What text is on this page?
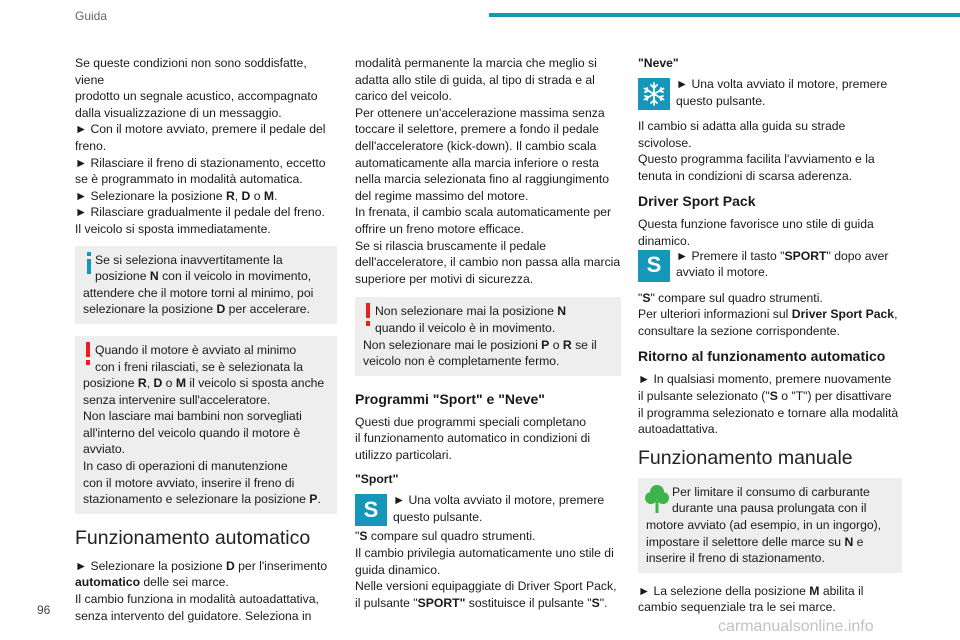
Guida

Se queste condizioni non sono soddisfatte, viene
prodotto un segnale acustico, accompagnato
dalla visualizzazione di un messaggio.
► Con il motore avviato, premere il pedale del
freno.
► Rilasciare il freno di stazionamento, eccetto
se è programmato in modalità automatica.
► Selezionare la posizione R, D o M.
► Rilasciare gradualmente il pedale del freno.
Il veicolo si sposta immediatamente.

Se si seleziona inavvertitamente la
posizione N con il veicolo in movimento,
attendere che il motore torni al minimo, poi
selezionare la posizione D per accelerare.
Quando il motore è avviato al minimo
con i freni rilasciati, se è selezionata la
posizione R, D o M il veicolo si sposta anche
senza intervenire sull'acceleratore.
Non lasciare mai bambini non sorvegliati
all'interno del veicolo quando il motore è
avviato.
In caso di operazioni di manutenzione
con il motore avviato, inserire il freno di
stazionamento e selezionare la posizione P.
Funzionamento automatico

► Selezionare la posizione D per l'inserimento
automatico delle sei marce.
Il cambio funziona in modalità autoadattativa,
senza intervento del guidatore. Seleziona in

modalità permanente la marcia che meglio si
adatta allo stile di guida, al tipo di strada e al
carico del veicolo.
Per ottenere un'accelerazione massima senza
toccare il selettore, premere a fondo il pedale
dell'acceleratore (kick-down). Il cambio scala
automaticamente alla marcia inferiore o resta
nella marcia selezionata fino al raggiungimento
del regime massimo del motore.
In frenata, il cambio scala automaticamente per
offrire un freno motore efficace.
Se si rilascia bruscamente il pedale
dell'acceleratore, il cambio non passa alla marcia
superiore per motivi di sicurezza.

Non selezionare mai la posizione N
quando il veicolo è in movimento.
Non selezionare mai le posizioni P o R se il
veicolo non è completamente fermo.
Programmi "Sport" e "Neve"

Questi due programmi speciali completano
il funzionamento automatico in condizioni di
utilizzo particolari.

"Sport"
S	► Una volta avviato il motore, premere
questo pulsante.

"S compare sul quadro strumenti.
Il cambio privilegia automaticamente uno stile di
guida dinamico.
Nelle versioni equipaggiate di Driver Sport Pack,
il pulsante "SPORT" sostituisce il pulsante "S".

"Neve"
► Una volta avviato il motore, premere
questo pulsante.

Il cambio si adatta alla guida su strade scivolose.
Questo programma facilita l'avviamento e la
tenuta in condizioni di scarsa aderenza.

Driver Sport Pack
Questa funzione favorisce uno stile di guida
dinamico.
S	► Premere il tasto "SPORT" dopo aver
avviato il motore.

"S" compare sul quadro strumenti.
Per ulteriori informazioni sul Driver Sport Pack,
consultare la sezione corrispondente.

Ritorno al funzionamento automatico

► In qualsiasi momento, premere nuovamente
il pulsante selezionato ("S o "T") per disattivare
il programma selezionato e tornare alla modalità
autoadattativa.

Funzionamento manuale
Per limitare il consumo di carburante
durante una pausa prolungata con il
motore avviato (ad esempio, in un ingorgo),
impostare il selettore delle marce su N e
inserire il freno di stazionamento.

► La selezione della posizione M abilita il
cambio sequenziale tra le sei marce.

96
carmanualsonline.info
